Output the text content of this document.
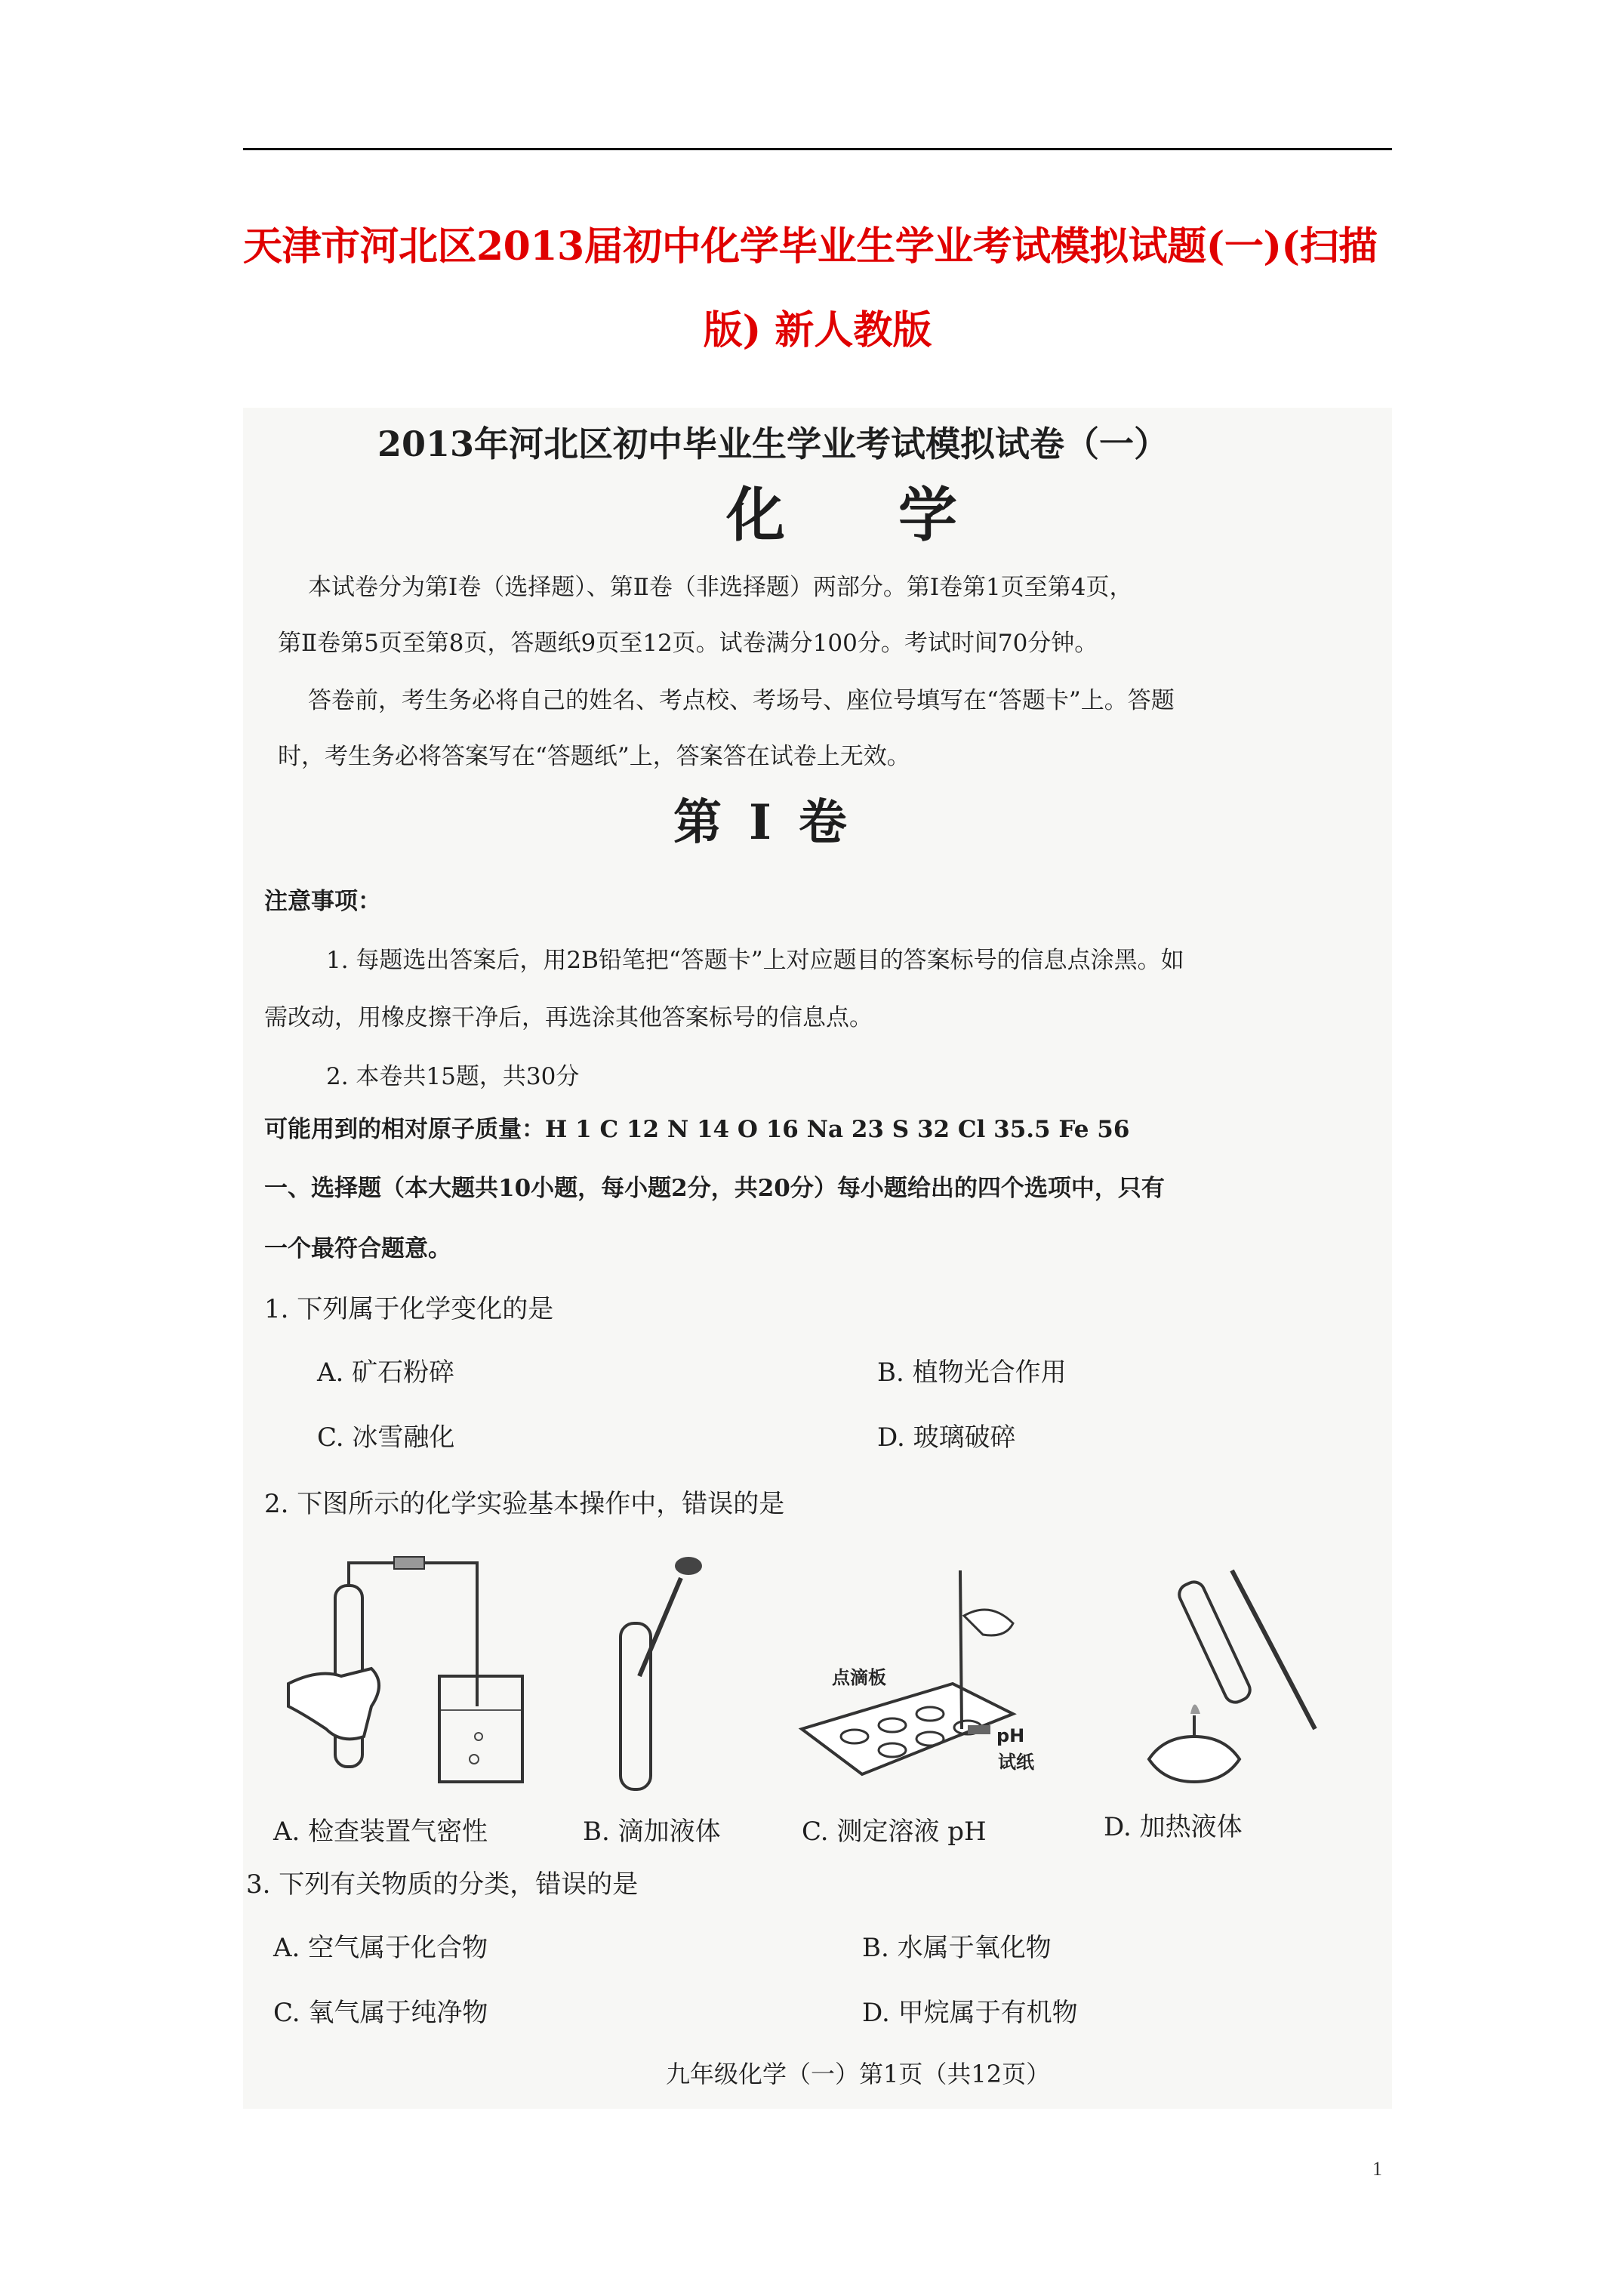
天津市河北区2013届初中化学毕业生学业考试模拟试题(一)(扫描
版) 新人教版
2013年河北区初中毕业生学业考试模拟试卷（一）
化学
本试卷分为第Ⅰ卷（选择题）、第Ⅱ卷（非选择题）两部分。第Ⅰ卷第1页至第4页，
第Ⅱ卷第5页至第8页，答题纸9页至12页。试卷满分100分。考试时间70分钟。
答卷前，考生务必将自己的姓名、考点校、考场号、座位号填写在“答题卡”上。答题
时，考生务必将答案写在“答题纸”上，答案答在试卷上无效。
第Ⅰ卷
注意事项：
1. 每题选出答案后，用2B铅笔把“答题卡”上对应题目的答案标号的信息点涂黑。如
需改动，用橡皮擦干净后，再选涂其他答案标号的信息点。
2. 本卷共15题，共30分
可能用到的相对原子质量：H 1 C 12 N 14 O 16 Na 23 S 32 Cl 35.5 Fe 56
一、选择题（本大题共10小题，每小题2分，共20分）每小题给出的四个选项中，只有
一个最符合题意。
1. 下列属于化学变化的是
A. 矿石粉碎	B. 植物光合作用
C. 冰雪融化	D. 玻璃破碎
2. 下图所示的化学实验基本操作中，错误的是
点滴板
pH
试纸
A. 检查装置气密性	B. 滴加液体	C. 测定溶液 pH	D. 加热液体
3. 下列有关物质的分类，错误的是
A. 空气属于化合物	B. 水属于氧化物
C. 氧气属于纯净物	D. 甲烷属于有机物
九年级化学（一）第1页（共12页）
1
